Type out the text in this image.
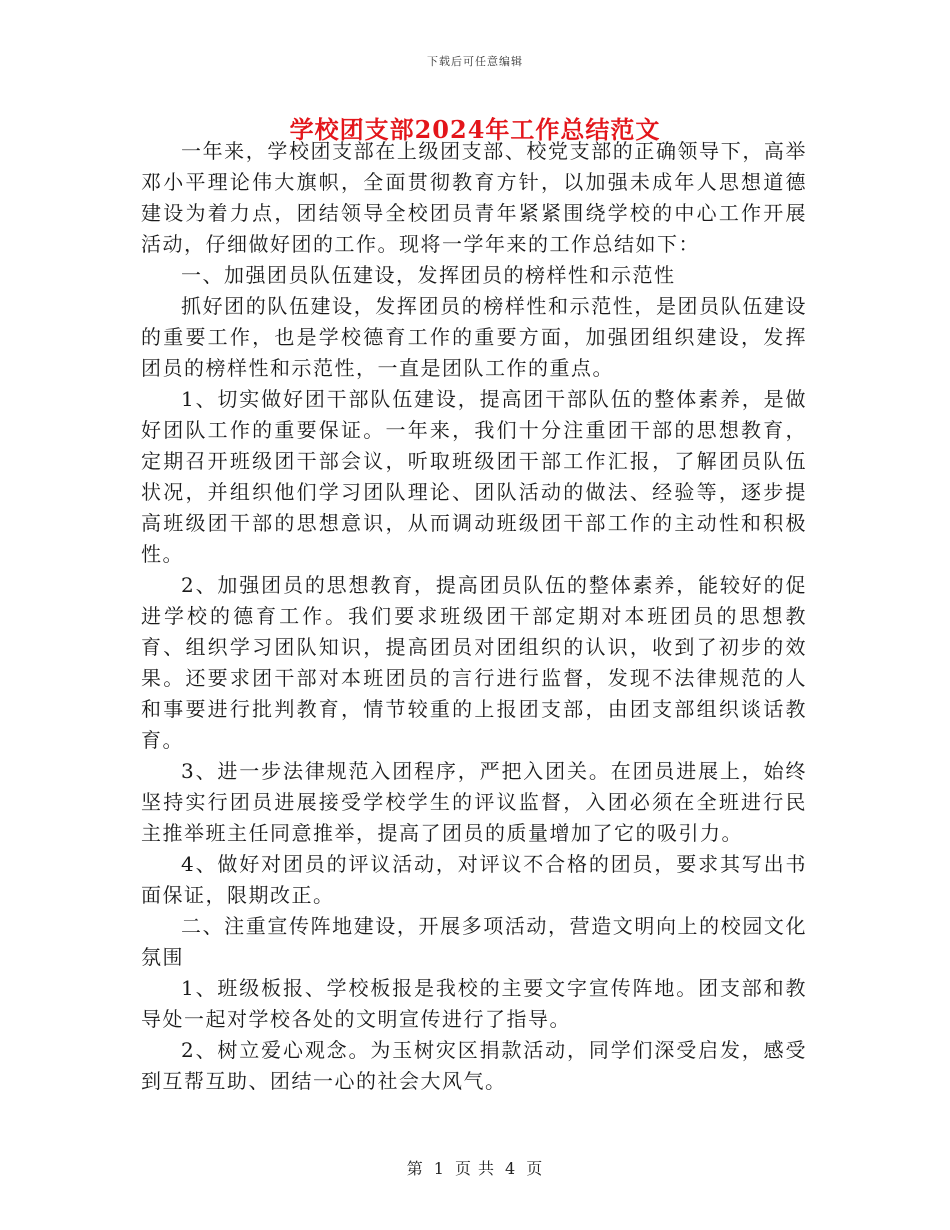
下载后可任意编辑
学校团支部2024年工作总结范文

一年来，学校团支部在上级团支部、校党支部的正确领导下，高举邓小平理论伟大旗帜，全面贯彻教育方针，以加强未成年人思想道德建设为着力点，团结领导全校团员青年紧紧围绕学校的中心工作开展活动，仔细做好团的工作。现将一学年来的工作总结如下：

一、加强团员队伍建设，发挥团员的榜样性和示范性

抓好团的队伍建设，发挥团员的榜样性和示范性，是团员队伍建设的重要工作，也是学校德育工作的重要方面，加强团组织建设，发挥团员的榜样性和示范性，一直是团队工作的重点。

1、切实做好团干部队伍建设，提高团干部队伍的整体素养，是做好团队工作的重要保证。一年来，我们十分注重团干部的思想教育，定期召开班级团干部会议，听取班级团干部工作汇报，了解团员队伍状况，并组织他们学习团队理论、团队活动的做法、经验等，逐步提高班级团干部的思想意识，从而调动班级团干部工作的主动性和积极性。

2、加强团员的思想教育，提高团员队伍的整体素养，能较好的促进学校的德育工作。我们要求班级团干部定期对本班团员的思想教育、组织学习团队知识，提高团员对团组织的认识，收到了初步的效果。还要求团干部对本班团员的言行进行监督，发现不法律规范的人和事要进行批判教育，情节较重的上报团支部，由团支部组织谈话教育。

3、进一步法律规范入团程序，严把入团关。在团员进展上，始终坚持实行团员进展接受学校学生的评议监督，入团必须在全班进行民主推举班主任同意推举，提高了团员的质量增加了它的吸引力。

4、做好对团员的评议活动，对评议不合格的团员，要求其写出书面保证，限期改正。

二、注重宣传阵地建设，开展多项活动，营造文明向上的校园文化氛围

1、班级板报、学校板报是我校的主要文字宣传阵地。团支部和教导处一起对学校各处的文明宣传进行了指导。

2、树立爱心观念。为玉树灾区捐款活动，同学们深受启发，感受到互帮互助、团结一心的社会大风气。

第 1 页 共 4 页
